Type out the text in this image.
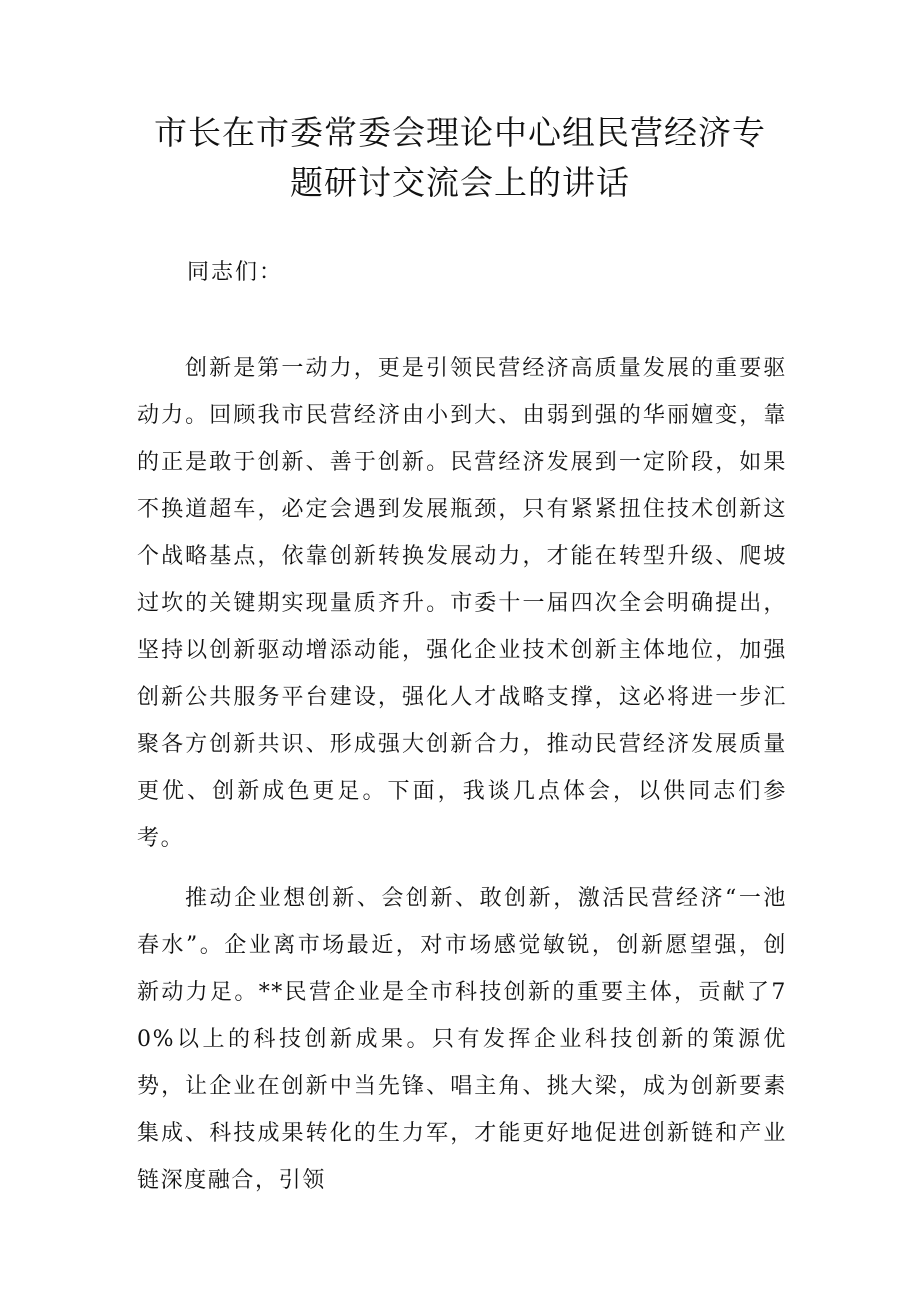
市长在市委常委会理论中心组民营经济专
题研讨交流会上的讲话

同志们：

创新是第一动力，更是引领民营经济高质量发展的重要驱动力。回顾我市民营经济由小到大、由弱到强的华丽嬗变，靠的正是敢于创新、善于创新。民营经济发展到一定阶段，如果不换道超车，必定会遇到发展瓶颈，只有紧紧扭住技术创新这个战略基点，依靠创新转换发展动力，才能在转型升级、爬坡过坎的关键期实现量质齐升。市委十一届四次全会明确提出，坚持以创新驱动增添动能，强化企业技术创新主体地位，加强创新公共服务平台建设，强化人才战略支撑，这必将进一步汇聚各方创新共识、形成强大创新合力，推动民营经济发展质量更优、创新成色更足。下面，我谈几点体会，以供同志们参考。

推动企业想创新、会创新、敢创新，激活民营经济“一池春水”。企业离市场最近，对市场感觉敏锐，创新愿望强，创新动力足。**民营企业是全市科技创新的重要主体，贡献了70%以上的科技创新成果。只有发挥企业科技创新的策源优势，让企业在创新中当先锋、唱主角、挑大梁，成为创新要素集成、科技成果转化的生力军，才能更好地促进创新链和产业链深度融合，引领
